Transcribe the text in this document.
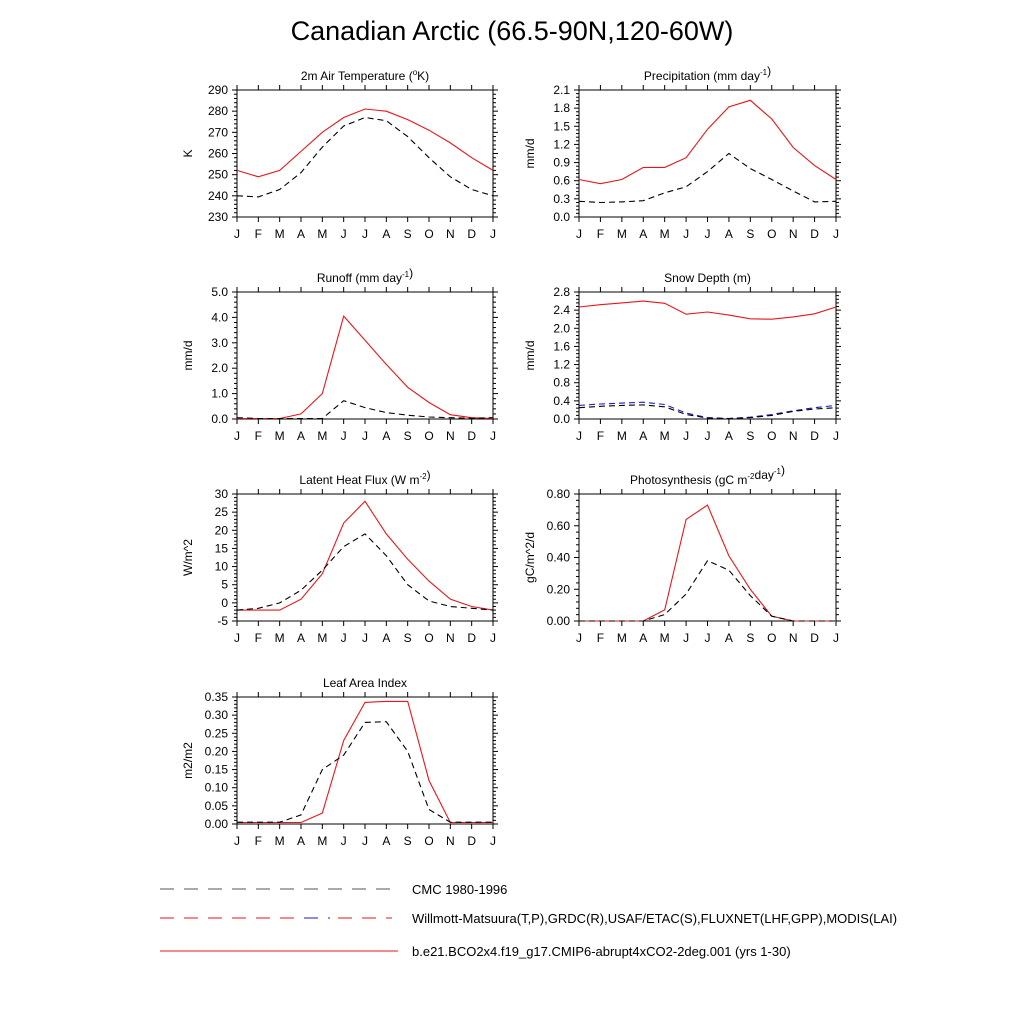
Canadian Arctic (66.5-90N,120-60W)
2m Air Temperature ($^o$K)
230
240
250
260
270
280
290
J F M A M J J A S O N D J
K
Precipitation (mm day$^{-1}$)
0.0
0.3
0.6
0.9
1.2
1.5
1.8
2.1
J F M A M J J A S O N D J
mm/d
Runoff (mm day$^{-1}$)
0.0
1.0
2.0
3.0
4.0
5.0
J F M A M J J A S O N D J
mm/d
Snow Depth (m)
0.0
0.4
0.8
1.2
1.6
2.0
2.4
2.8
J F M A M J J A S O N D J
mm/d
Latent Heat Flux (W $m^{-2}$)
-5
0
5
10
15
20
25
30
J F M A M J J A S O N D J
W/m^2
Photosynthesis (gC $m^{-2}day^{-1}$)
0.00
0.20
0.40
0.60
0.80
J F M A M J J A S O N D J
gC/m^2/d
Leaf Area Index
0.00
0.05
0.10
0.15
0.20
0.25
0.30
0.35
J F M A M J J A S O N D J
m2/m2
CMC 1980-1996
Willmott-Matsuura(T,P),GRDC(R),USAF/ETAC(S),FLUXNET(LHF,GPP),MODIS(LAI)
b.e21.BCO2x4.f19_g17.CMIP6-abrupt4xCO2-2deg.001 (yrs 1-30)
